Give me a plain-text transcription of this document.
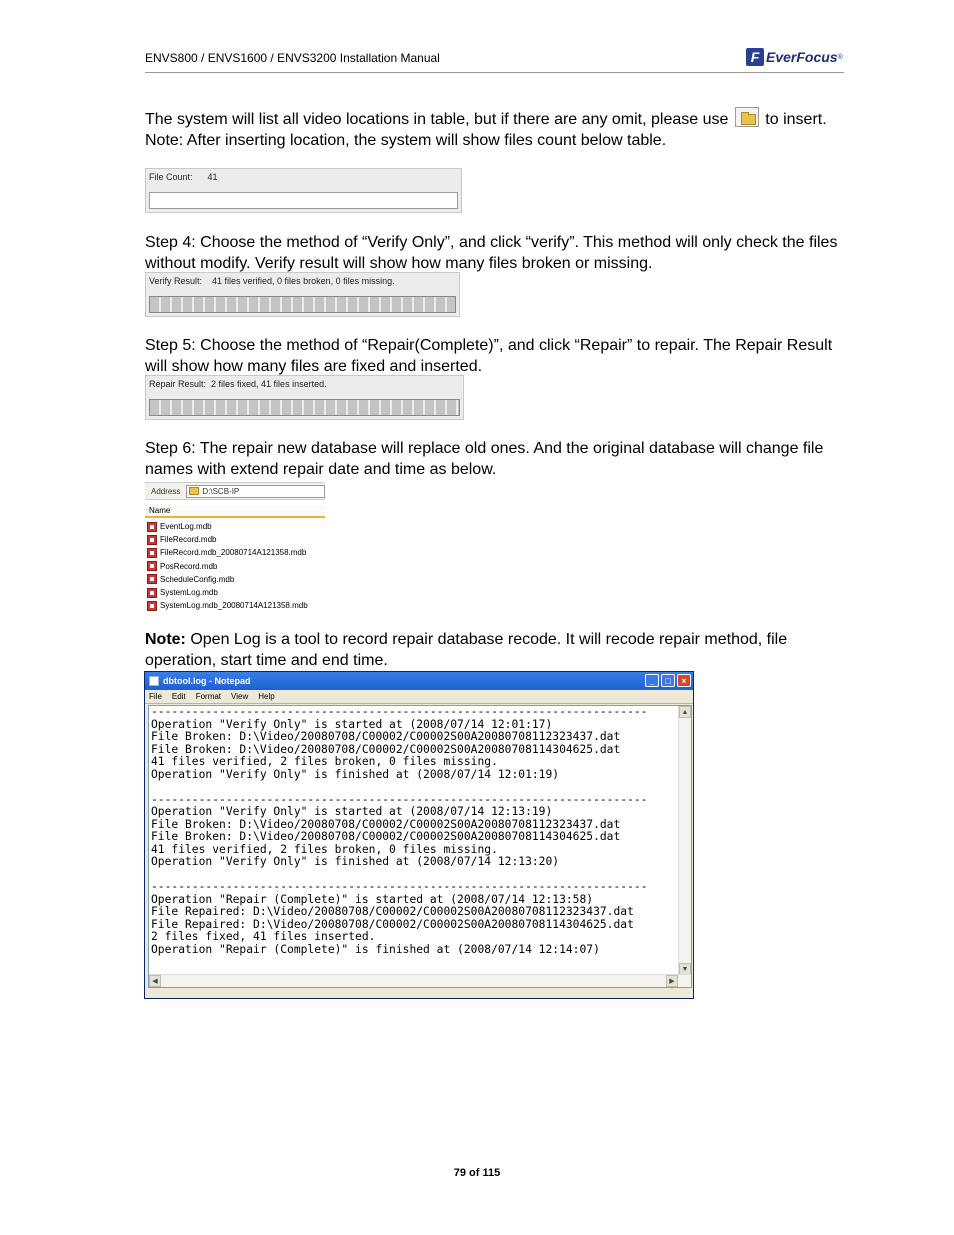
ENVS800 / ENVS1600 / ENVS3200 Installation Manual	F EverFocus ®
The system will list all video locations in table, but if there are any omit, please use to insert.
Note: After inserting location, the system will show files count below table.
File Count:      41
Step 4: Choose the method of “Verify Only”, and click “verify”. This method will only check the files without modify. Verify result will show how many files broken or missing.
Verify Result:    41 files verified, 0 files broken, 0 files missing.
Step 5: Choose the method of “Repair(Complete)”, and click “Repair” to repair. The Repair Result will show how many files are fixed and inserted.
Repair Result:  2 files fixed, 41 files inserted.
Step 6: The repair new database will replace old ones. And the original database will change file names with extend repair date and time as below.
Address	D:\SCB-IP
Name
EventLog.mdb
FileRecord.mdb
FileRecord.mdb_20080714A121358.mdb
PosRecord.mdb
ScheduleConfig.mdb
SystemLog.mdb
SystemLog.mdb_20080714A121358.mdb
Note: Open Log is a tool to record repair database recode. It will recode repair method, file operation, start time and end time.
dbtool.log - Notepad	_	□	×
File Edit Format View Help
-------------------------------------------------------------------------
Operation "Verify Only" is started at (2008/07/14 12:01:17)
File Broken: D:\Video/20080708/C00002/C00002S00A20080708112323437.dat
File Broken: D:\Video/20080708/C00002/C00002S00A20080708114304625.dat
41 files verified, 2 files broken, 0 files missing.
Operation "Verify Only" is finished at (2008/07/14 12:01:19)

-------------------------------------------------------------------------
Operation "Verify Only" is started at (2008/07/14 12:13:19)
File Broken: D:\Video/20080708/C00002/C00002S00A20080708112323437.dat
File Broken: D:\Video/20080708/C00002/C00002S00A20080708114304625.dat
41 files verified, 2 files broken, 0 files missing.
Operation "Verify Only" is finished at (2008/07/14 12:13:20)

-------------------------------------------------------------------------
Operation "Repair (Complete)" is started at (2008/07/14 12:13:58)
File Repaired: D:\Video/20080708/C00002/C00002S00A20080708112323437.dat
File Repaired: D:\Video/20080708/C00002/C00002S00A20080708114304625.dat
2 files fixed, 41 files inserted.
Operation "Repair (Complete)" is finished at (2008/07/14 12:14:07)
▲
▼
◀	▶
79 of 115
